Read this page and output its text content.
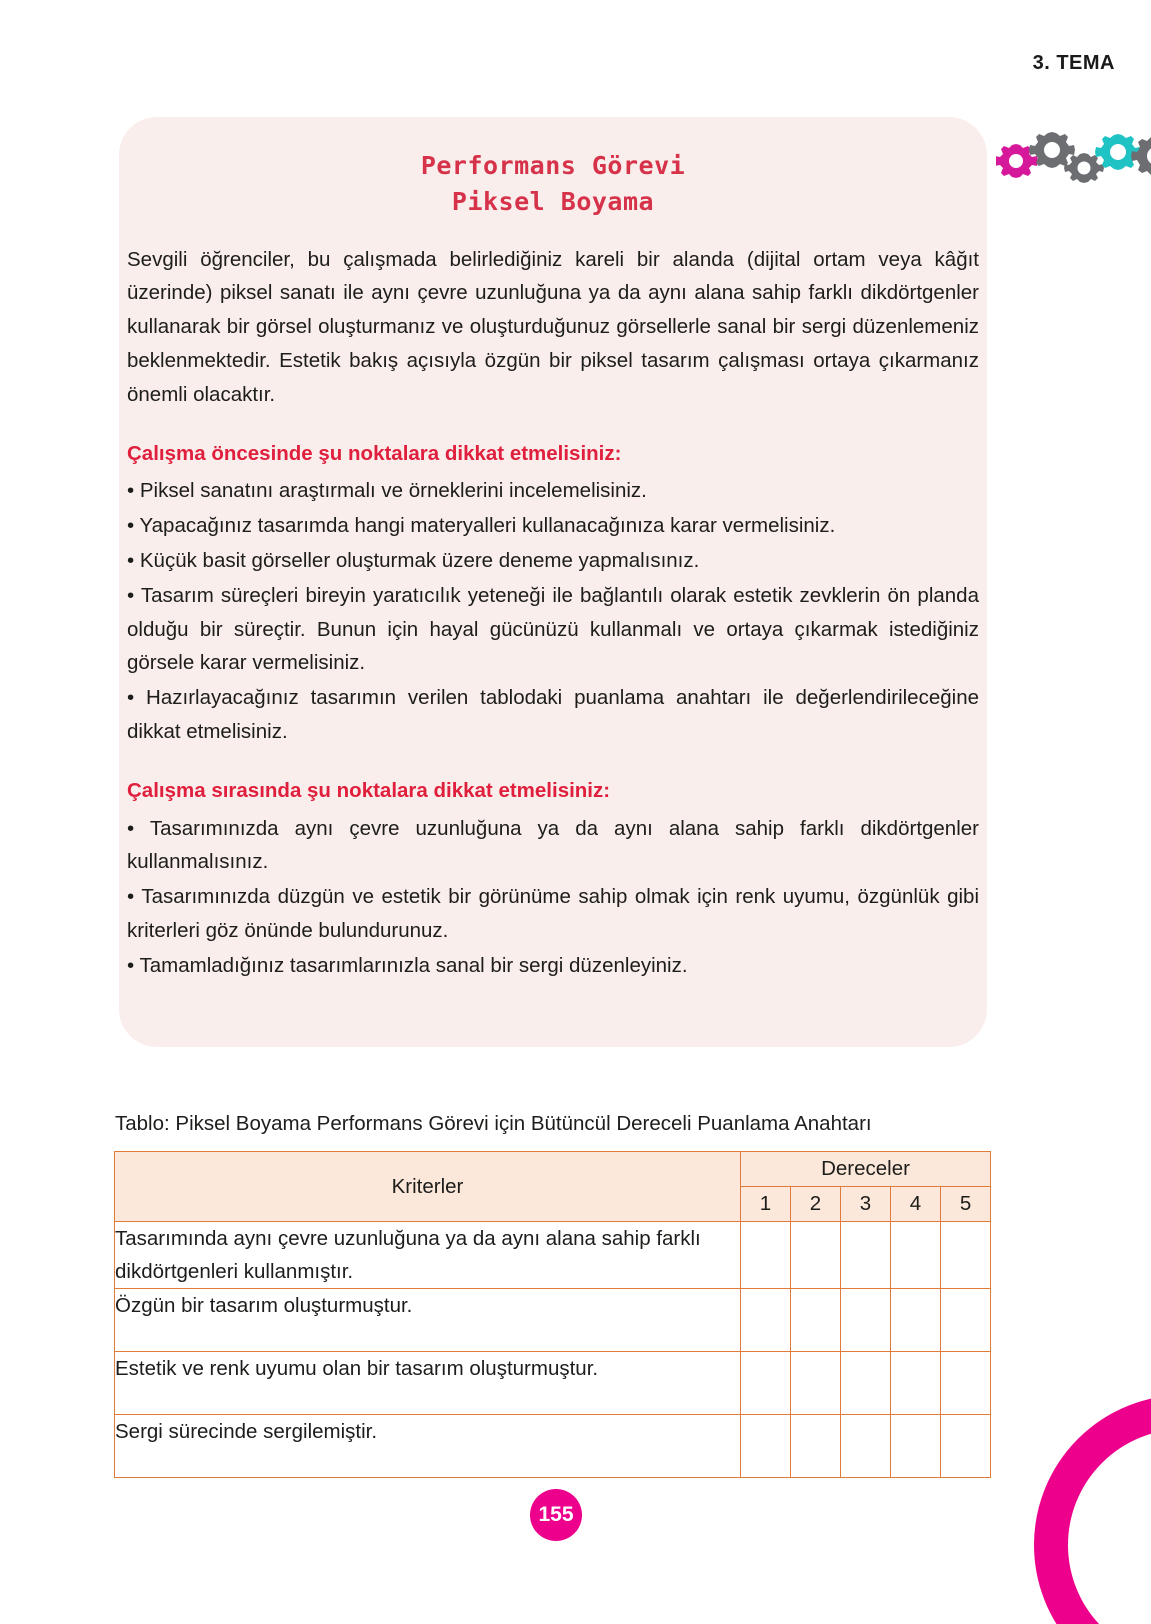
3. TEMA
Performans Görevi
Piksel Boyama

Sevgili öğrenciler, bu çalışmada belirlediğiniz kareli bir alanda (dijital ortam veya kâğıt üzerinde) piksel sanatı ile aynı çevre uzunluğuna ya da aynı alana sahip farklı dikdörtgenler kullanarak bir görsel oluşturmanız ve oluşturduğunuz görsellerle sanal bir sergi düzenlemeniz beklenmektedir. Estetik bakış açısıyla özgün bir piksel tasarım çalışması ortaya çıkarmanız önemli olacaktır.

Çalışma öncesinde şu noktalara dikkat etmelisiniz:
• Piksel sanatını araştırmalı ve örneklerini incelemelisiniz.
• Yapacağınız tasarımda hangi materyalleri kullanacağınıza karar vermelisiniz.
• Küçük basit görseller oluşturmak üzere deneme yapmalısınız.
• Tasarım süreçleri bireyin yaratıcılık yeteneği ile bağlantılı olarak estetik zevklerin ön planda olduğu bir süreçtir. Bunun için hayal gücünüzü kullanmalı ve ortaya çıkarmak istediğiniz görsele karar vermelisiniz.
• Hazırlayacağınız tasarımın verilen tablodaki puanlama anahtarı ile değerlendirileceğine dikkat etmelisiniz.
Çalışma sırasında şu noktalara dikkat etmelisiniz:
• Tasarımınızda aynı çevre uzunluğuna ya da aynı alana sahip farklı dikdörtgenler kullanmalısınız.
• Tasarımınızda düzgün ve estetik bir görünüme sahip olmak için renk uyumu, özgünlük gibi kriterleri göz önünde bulundurunuz.
• Tamamladığınız tasarımlarınızla sanal bir sergi düzenleyiniz.
Tablo: Piksel Boyama Performans Görevi için Bütüncül Dereceli Puanlama Anahtarı
Kriterler	Dereceler				
	1	2	3	4	5
Tasarımında aynı çevre uzunluğuna ya da aynı alana sahip farklı dikdörtgenleri kullanmıştır.					
Özgün bir tasarım oluşturmuştur.					
Estetik ve renk uyumu olan bir tasarım oluşturmuştur.					
Sergi sürecinde sergilemiştir.					
155
